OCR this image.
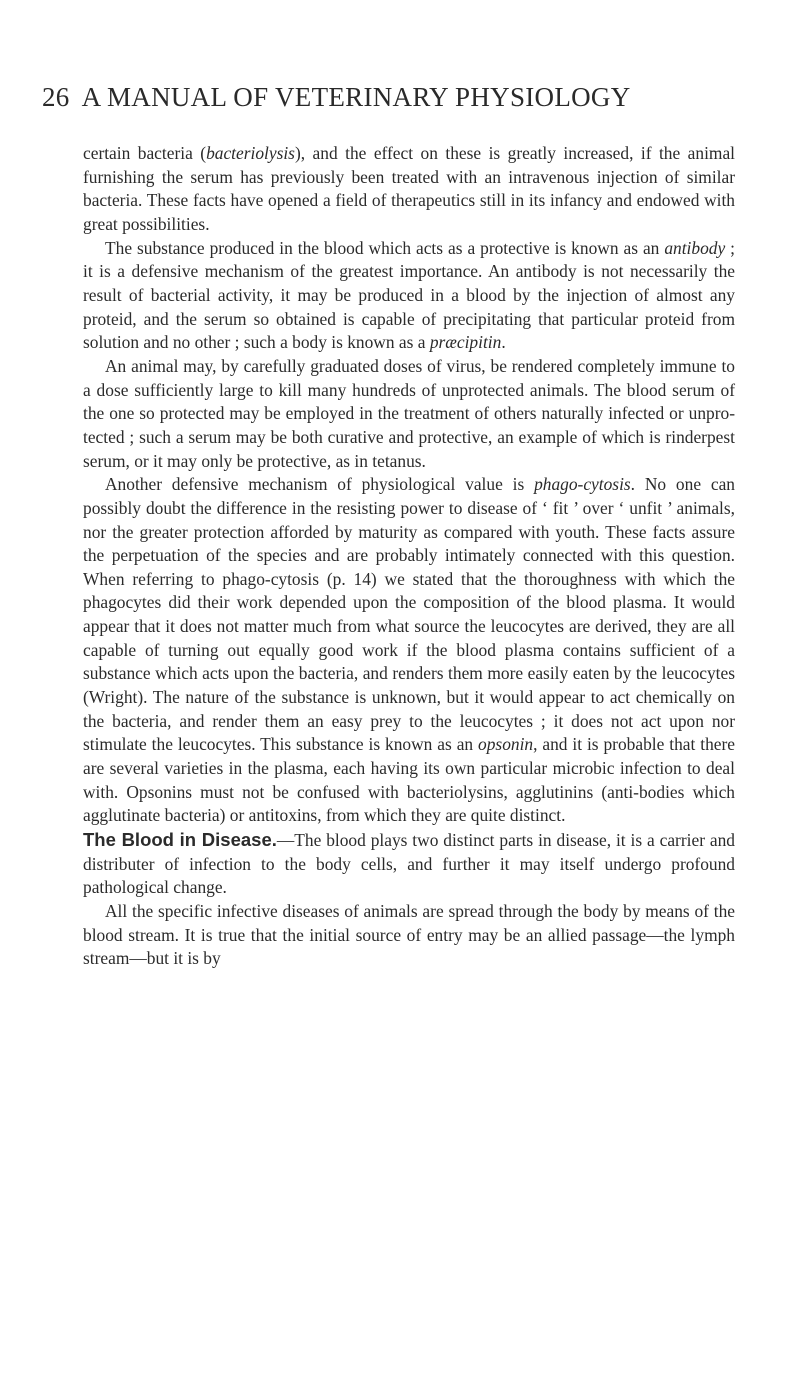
26 A MANUAL OF VETERINARY PHYSIOLOGY

certain bacteria (bacteriolysis), and the effect on these is greatly increased, if the animal furnishing the serum has previously been treated with an intravenous injection of similar bacteria. These facts have opened a field of therapeutics still in its infancy and endowed with great possibilities.

The substance produced in the blood which acts as a protective is known as an antibody ; it is a defensive mechanism of the greatest importance. An antibody is not necessarily the result of bacterial activity, it may be produced in a blood by the injection of almost any proteid, and the serum so obtained is capable of precipitating that particular proteid from solution and no other ; such a body is known as a præcipitin.

An animal may, by carefully graduated doses of virus, be rendered completely immune to a dose sufficiently large to kill many hundreds of unprotected animals. The blood serum of the one so protected may be employed in the treatment of others naturally infected or unpro-tected ; such a serum may be both curative and protective, an example of which is rinderpest serum, or it may only be protective, as in tetanus.

Another defensive mechanism of physiological value is phago-cytosis. No one can possibly doubt the difference in the resisting power to disease of ‘ fit ’ over ‘ unfit ’ animals, nor the greater protection afforded by maturity as compared with youth. These facts assure the perpetuation of the species and are probably intimately connected with this question. When referring to phago-cytosis (p. 14) we stated that the thoroughness with which the phagocytes did their work depended upon the composition of the blood plasma. It would appear that it does not matter much from what source the leucocytes are derived, they are all capable of turning out equally good work if the blood plasma contains sufficient of a substance which acts upon the bacteria, and renders them more easily eaten by the leucocytes (Wright). The nature of the substance is unknown, but it would appear to act chemically on the bacteria, and render them an easy prey to the leucocytes ; it does not act upon nor stimulate the leucocytes. This substance is known as an opsonin, and it is probable that there are several varieties in the plasma, each having its own particular microbic infection to deal with. Opsonins must not be confused with bacteriolysins, agglutinins (anti-bodies which agglutinate bacteria) or antitoxins, from which they are quite distinct.

The Blood in Disease.—The blood plays two distinct parts in disease, it is a carrier and distributer of infection to the body cells, and further it may itself undergo profound pathological change.

All the specific infective diseases of animals are spread through the body by means of the blood stream. It is true that the initial source of entry may be an allied passage—the lymph stream—but it is by
